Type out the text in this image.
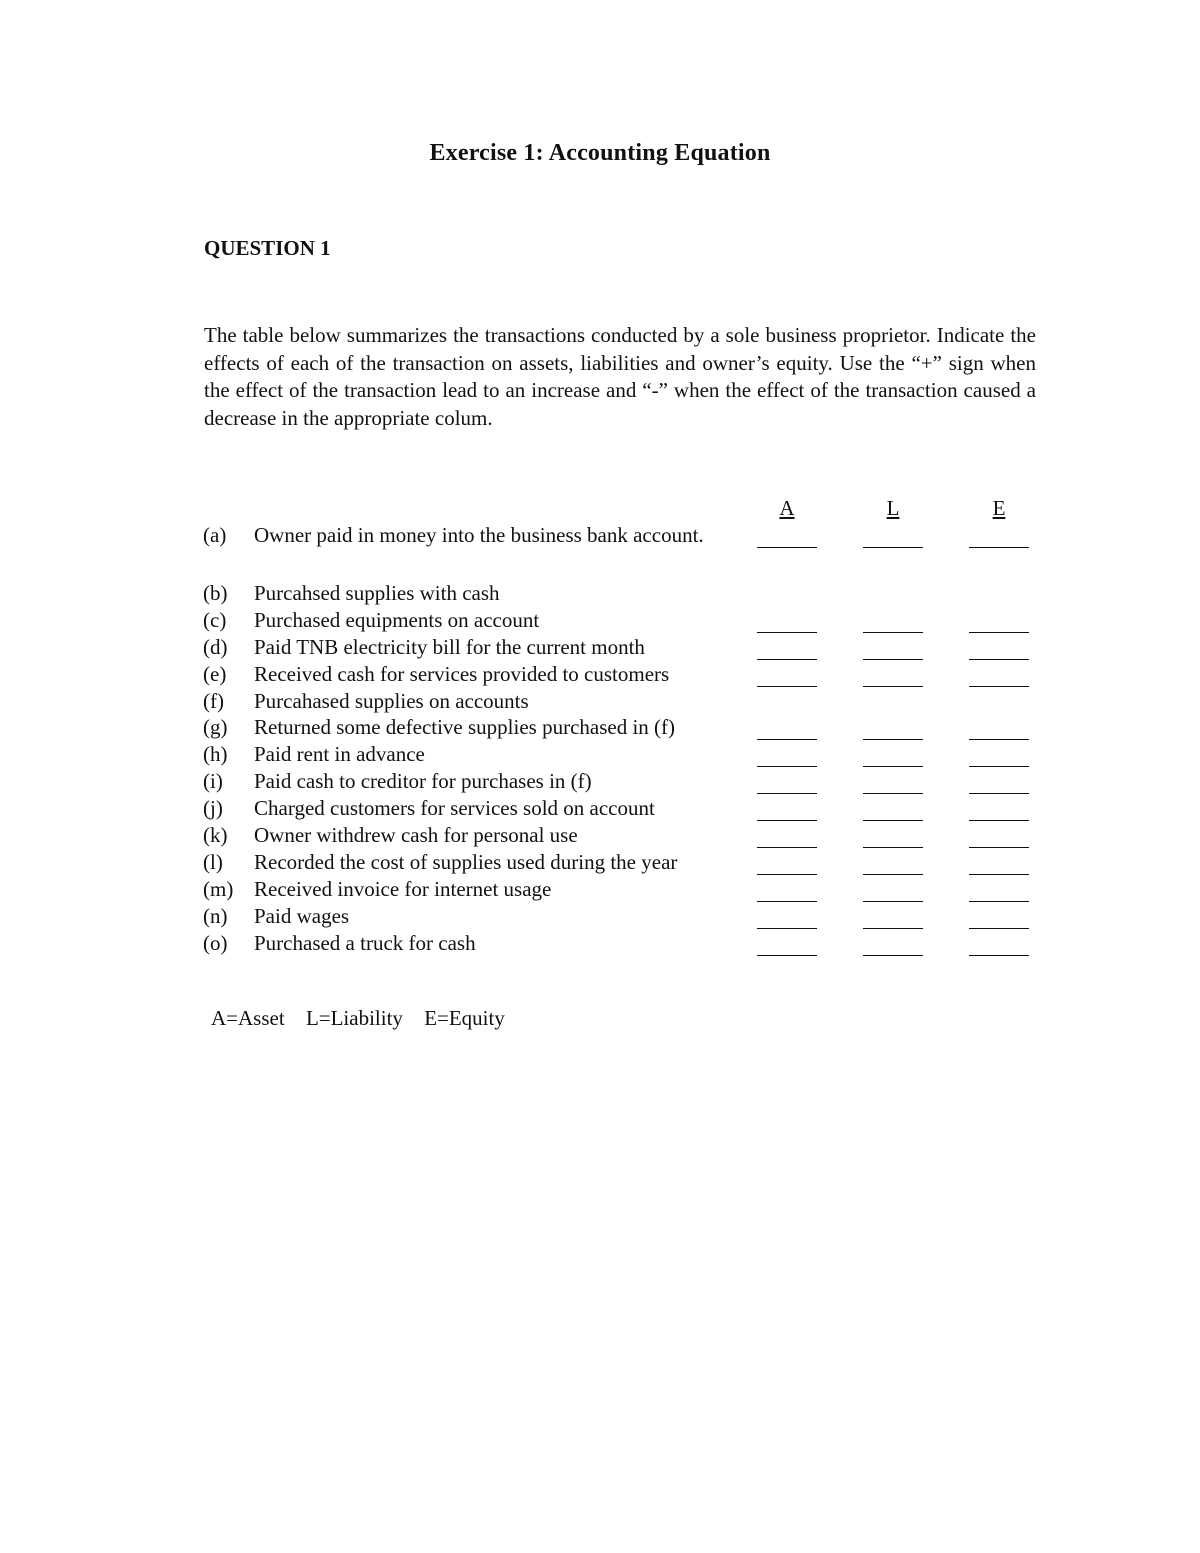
Exercise 1: Accounting Equation
QUESTION 1

The table below summarizes the transactions conducted by a sole business proprietor. Indicate the effects of each of the transaction on assets, liabilities and owner’s equity. Use the “+” sign when the effect of the transaction lead to an increase and “-” when the effect of the transaction caused a decrease in the appropriate colum.

A	L	E
(a) Owner paid in money into the business bank account.
(b) Purcahsed supplies with cash
(c) Purchased equipments on account
(d) Paid TNB electricity bill for the current month
(e) Received cash for services provided to customers
(f) Purcahased supplies on accounts
(g) Returned some defective supplies purchased in (f)
(h) Paid rent in advance
(i) Paid cash to creditor for purchases in (f)
(j) Charged customers for services sold on account
(k) Owner withdrew cash for personal use
(l) Recorded the cost of supplies used during the year
(m) Received invoice for internet usage
(n) Paid wages
(o) Purchased a truck for cash

A=Asset L=Liability E=Equity
